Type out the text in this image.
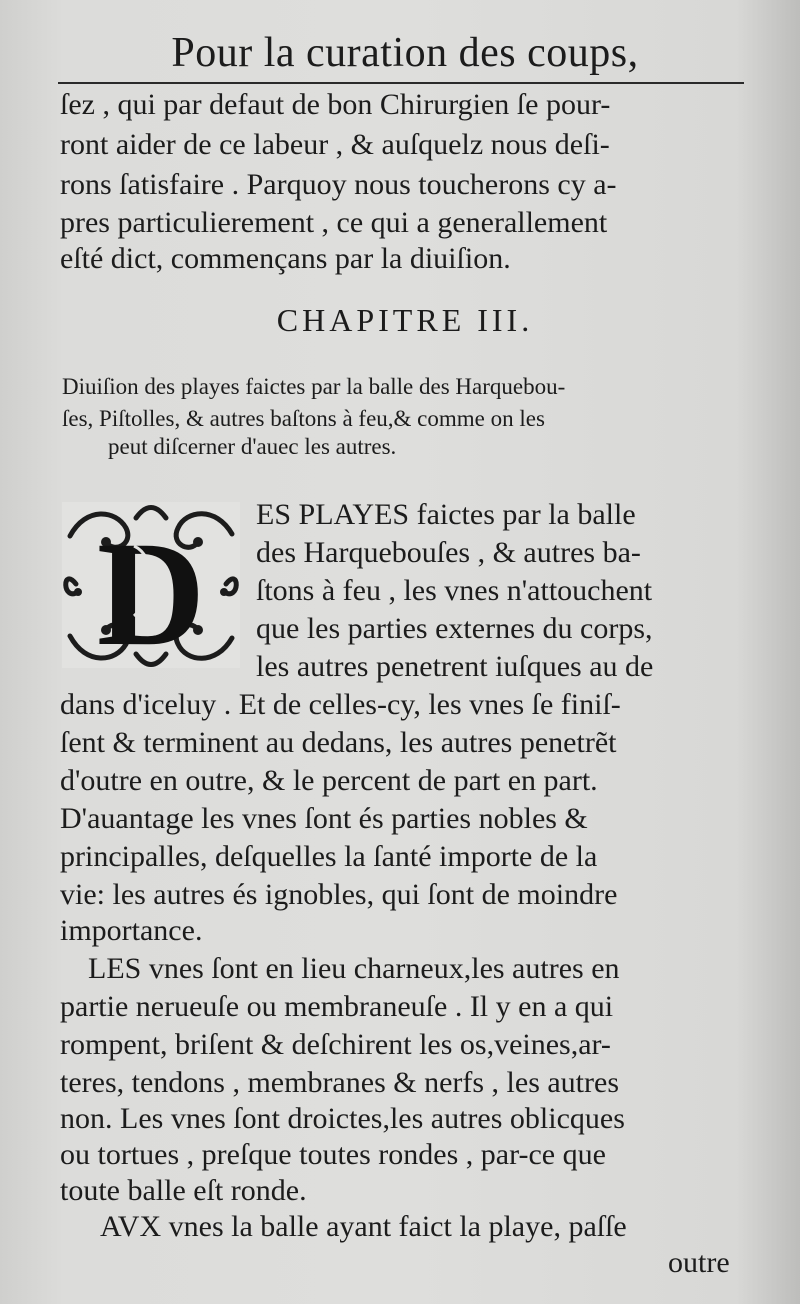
Pour la curation des coups,
ſez , qui par defaut de bon Chirurgien ſe pour-
ront aider de ce labeur , & auſquelz nous deſi-
rons ſatisfaire . Parquoy nous toucherons cy a-
pres particulierement , ce qui a generallement
eſté dict, commençans par la diuiſion.
CHAPITRE III.
Diuiſion des playes faictes par la balle des Harquebou-
ſes, Piſtolles, & autres baſtons à feu,& comme on les
peut diſcerner d'auec les autres.
D ES PLAYES faictes par la balle
des Harquebouſes , & autres ba-
ſtons à feu , les vnes n'attouchent
que les parties externes du corps,
les autres penetrent iuſques au de
dans d'iceluy . Et de celles-cy, les vnes ſe finiſ-
ſent & terminent au dedans, les autres penetrẽt
d'outre en outre, & le percent de part en part.
D'auantage les vnes ſont és parties nobles &
principalles, deſquelles la ſanté importe de la
vie: les autres és ignobles, qui ſont de moindre
importance.
LES vnes ſont en lieu charneux,les autres en
partie nerueuſe ou membraneuſe . Il y en a qui
rompent, briſent & deſchirent les os,veines,ar-
teres, tendons , membranes & nerfs , les autres
non. Les vnes ſont droictes,les autres oblicques
ou tortues , preſque toutes rondes , par-ce que
toute balle eſt ronde.
AVX vnes la balle ayant faict la playe, paſſe
outre
